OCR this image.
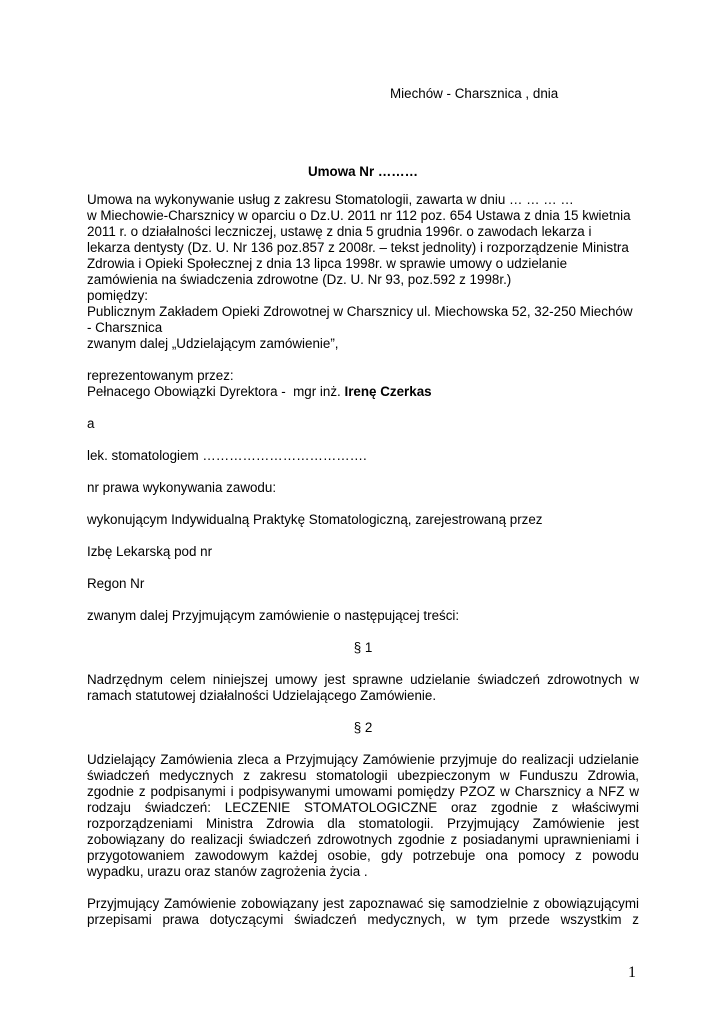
Miechów - Charsznica , dnia

Umowa Nr ………

Umowa na wykonywanie usług z zakresu Stomatologii, zawarta w dniu … … … …

w Miechowie-Charsznicy w oparciu o Dz.U. 2011 nr 112 poz. 654 Ustawa z dnia 15 kwietnia

2011 r. o działalności leczniczej, ustawę z dnia 5 grudnia 1996r. o zawodach lekarza i

lekarza dentysty (Dz. U. Nr 136 poz.857 z 2008r. – tekst jednolity) i rozporządzenie Ministra

Zdrowia i Opieki Społecznej z dnia 13 lipca 1998r. w sprawie umowy o udzielanie

zamówienia na świadczenia zdrowotne (Dz. U. Nr 93, poz.592 z 1998r.)

pomiędzy:

Publicznym Zakładem Opieki Zdrowotnej w Charsznicy ul. Miechowska 52, 32-250 Miechów

- Charsznica

zwanym dalej „Udzielającym zamówienie”,

reprezentowanym przez:

Pełnacego Obowiązki Dyrektora -  mgr inż. Irenę Czerkas

a

lek. stomatologiem ……………………………….

nr prawa wykonywania zawodu:

wykonującym Indywidualną Praktykę Stomatologiczną, zarejestrowaną przez

Izbę Lekarską pod nr

Regon Nr

zwanym dalej Przyjmującym zamówienie o następującej treści:

§ 1

Nadrzędnym celem niniejszej umowy jest sprawne udzielanie świadczeń zdrowotnych w

ramach statutowej działalności Udzielającego Zamówienie.

§ 2

Udzielający Zamówienia zleca a Przyjmujący Zamówienie przyjmuje do realizacji udzielanie

świadczeń medycznych z zakresu stomatologii ubezpieczonym w Funduszu Zdrowia,

zgodnie z podpisanymi i podpisywanymi umowami pomiędzy PZOZ w Charsznicy a NFZ w

rodzaju świadczeń: LECZENIE STOMATOLOGICZNE oraz zgodnie z właściwymi

rozporządzeniami Ministra Zdrowia dla stomatologii. Przyjmujący Zamówienie jest

zobowiązany do realizacji świadczeń zdrowotnych zgodnie z posiadanymi uprawnieniami i

przygotowaniem zawodowym każdej osobie, gdy potrzebuje ona pomocy z powodu

wypadku, urazu oraz stanów zagrożenia życia .

Przyjmujący Zamówienie zobowiązany jest zapoznawać się samodzielnie z obowiązującymi

przepisami prawa dotyczącymi świadczeń medycznych, w tym przede wszystkim z

1
